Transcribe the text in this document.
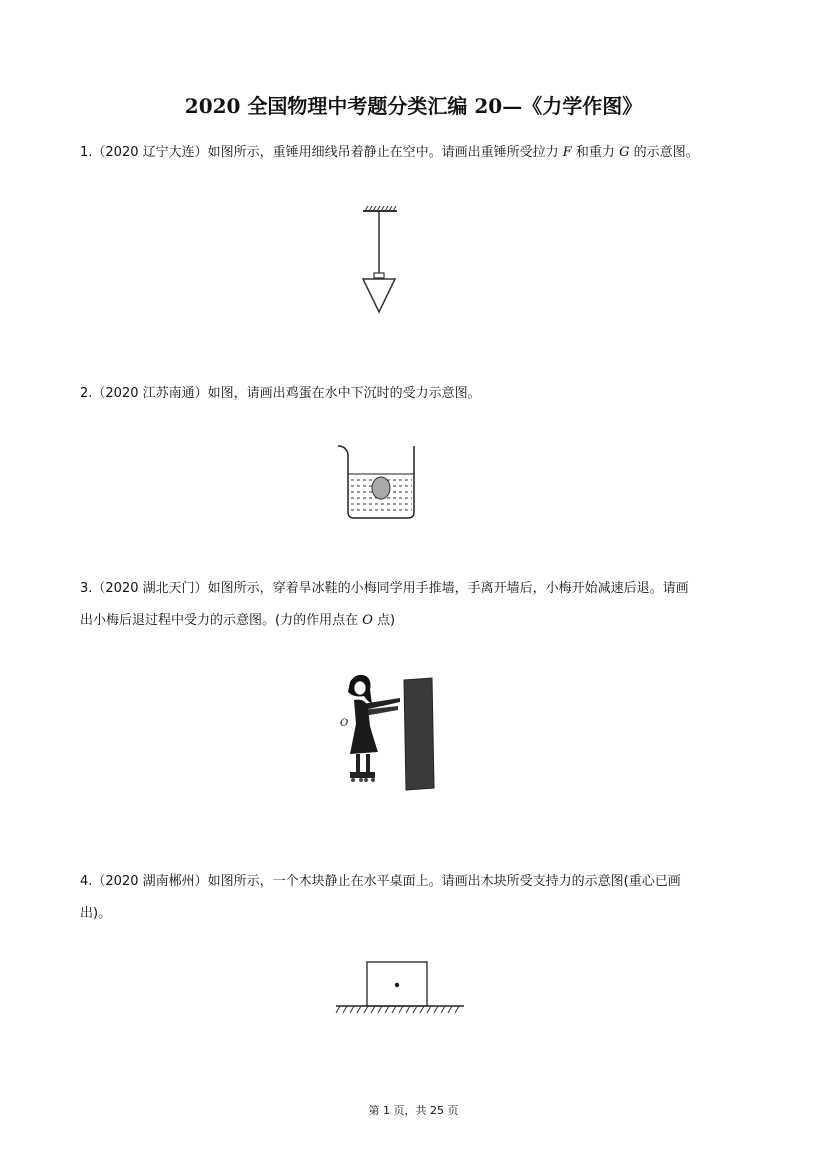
2020 全国物理中考题分类汇编 20—《力学作图》
1.（2020 辽宁大连）如图所示，重锤用细线吊着静止在空中。请画出重锤所受拉力 F 和重力 G 的示意图。
2.（2020 江苏南通）如图，请画出鸡蛋在水中下沉时的受力示意图。
3.（2020 湖北天门）如图所示，穿着旱冰鞋的小梅同学用手推墙，手离开墙后，小梅开始减速后退。请画
出小梅后退过程中受力的示意图。(力的作用点在 O 点)
O
4.（2020 湖南郴州）如图所示，一个木块静止在水平桌面上。请画出木块所受支持力的示意图(重心已画
出)。
第 1 页，共 25 页
